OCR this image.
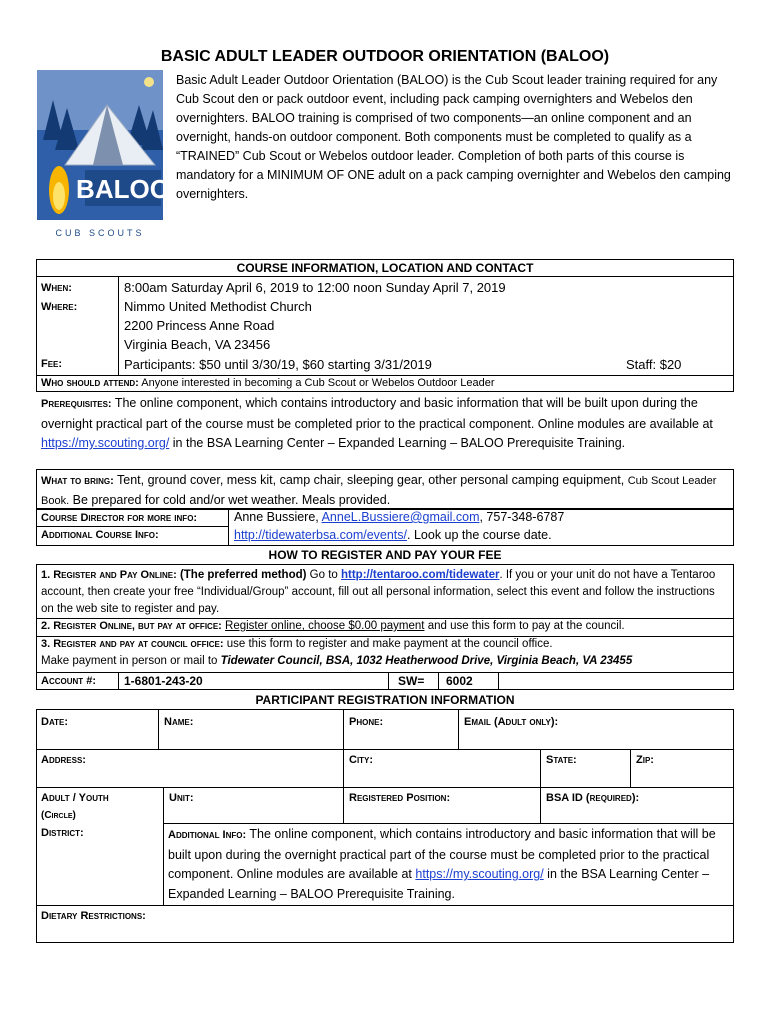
BASIC ADULT LEADER OUTDOOR ORIENTATION (BALOO)
BALOO
CUB SCOUTS
Basic Adult Leader Outdoor Orientation (BALOO) is the Cub Scout leader training required for any Cub Scout den or pack outdoor event, including pack camping overnighters and Webelos den overnighters. BALOO training is comprised of two components—an online component and an overnight, hands-on outdoor component. Both components must be completed to qualify as a “TRAINED” Cub Scout or Webelos outdoor leader. Completion of both parts of this course is mandatory for a MINIMUM OF ONE adult on a pack camping overnighter and Webelos den camping overnighters.
COURSE INFORMATION, LOCATION AND CONTACT
When:	8:00am Saturday April 6, 2019 to 12:00 noon Sunday April 7, 2019
Where:	Nimmo United Methodist Church
2200 Princess Anne Road
Virginia Beach, VA 23456
Fee:	Participants: $50 until 3/30/19, $60 starting 3/31/2019	Staff: $20
Who should attend: Anyone interested in becoming a Cub Scout or Webelos Outdoor Leader
Prerequisites: The online component, which contains introductory and basic information that will be built upon during the overnight practical part of the course must be completed prior to the practical component. Online modules are available at https://my.scouting.org/ in the BSA Learning Center – Expanded Learning – BALOO Prerequisite Training.
What to bring: Tent, ground cover, mess kit, camp chair, sleeping gear, other personal camping equipment, Cub Scout Leader Book. Be prepared for cold and/or wet weather. Meals provided.
Course Director for more info:	Anne Bussiere, AnneL.Bussiere@gmail.com, 757-348-6787
Additional Course Info:	http://tidewaterbsa.com/events/. Look up the course date.
HOW TO REGISTER AND PAY YOUR FEE
1. Register and Pay Online: (The preferred method) Go to http://tentaroo.com/tidewater. If you or your unit do not have a Tentaroo account, then create your free “Individual/Group” account, fill out all personal information, select this event and follow the instructions on the web site to register and pay.
2. Register Online, but pay at office: Register online, choose $0.00 payment and use this form to pay at the council.
3. Register and pay at council office: use this form to register and make payment at the council office.
Make payment in person or mail to Tidewater Council, BSA, 1032 Heatherwood Drive, Virginia Beach, VA 23455
Account #: 1-6801-243-20	SW= 6002
PARTICIPANT REGISTRATION INFORMATION
Date:	Name:	Phone:	Email (Adult only):
Address:	City:	State:	Zip:
Adult / Youth
(Circle)
Unit:	Registered Position:	BSA ID (required):
District:	Additional Info: The online component, which contains introductory and basic information that will be built upon during the overnight practical part of the course must be completed prior to the practical component. Online modules are available at https://my.scouting.org/ in the BSA Learning Center – Expanded Learning – BALOO Prerequisite Training.
Dietary Restrictions:
